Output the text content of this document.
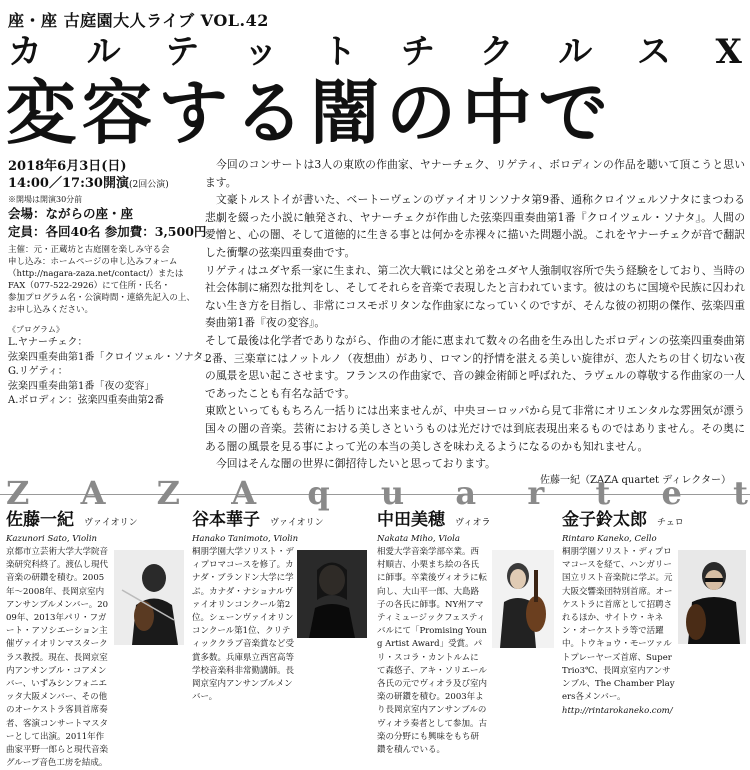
座・座 古庭園大人ライブ VOL.42
カ ル テ ッ ト チ ク ル ス X
変容する闇の中で
2018年6月3日(日)
14:00／17:30開演(2回公演)
※開場は開演30分前
会場：ながらの座・座
定員：各回40名 参加費：3,500円
主催：元・正蔵坊と古庭園を楽しみ守る会
申し込み：ホームページの申し込みフォーム
（http://nagara-zaza.net/contact/）または
FAX（077-522-2926）にて住所・氏名・
参加プログラム名・公演時間・連絡先記入の上、
お申し込みください。
《プログラム》
L.ヤナーチェク：
弦楽四重奏曲第1番「クロイツェル・ソナタ」
G.リゲティ：
弦楽四重奏曲第1番「夜の変容」
A.ボロディン：弦楽四重奏曲第2番

今回のコンサートは3人の東欧の作曲家、ヤナーチェク、リゲティ、ボロディンの作品を聴いて頂こうと思います。

文豪トルストイが書いた、ベートーヴェンのヴァイオリンソナタ第9番、通称クロイツェルソナタにまつわる悲劇を綴った小説に触発され、ヤナーチェクが作曲した弦楽四重奏曲第1番『クロイツェル・ソナタ』。人間の愛憎と、心の闇、そして道徳的に生きる事とは何かを赤裸々に描いた問題小説。これをヤナーチェクが音で翻訳した衝撃の弦楽四重奏曲です。

リゲティはユダヤ系一家に生まれ、第二次大戦には父と弟をユダヤ人強制収容所で失う経験をしており、当時の社会体制に痛烈な批判をし、そしてそれらを音楽で表現したと言われています。彼はのちに国境や民族に囚われない生き方を目指し、非常にコスモポリタンな作曲家になっていくのですが、そんな彼の初期の傑作、弦楽四重奏曲第1番『夜の変容』。

そして最後は化学者でありながら、作曲の才能に恵まれて数々の名曲を生み出したボロディンの弦楽四重奏曲第2番、三楽章にはノットルノ（夜想曲）があり、ロマン的抒情を湛える美しい旋律が、恋人たちの甘く切ない夜の風景を思い起こさせます。フランスの作曲家で、音の錬金術師と呼ばれた、ラヴェルの尊敬する作曲家の一人であったことも有名な話です。

東欧といってももちろん一括りには出来ませんが、中央ヨーロッパから見て非常にオリエンタルな雰囲気が漂う国々の闇の音楽。芸術における美しさというものは光だけでは到底表現出来るものではありません。その奥にある闇の風景を見る事によって光の本当の美しさを味わえるようになるのかも知れません。

今回はそんな闇の世界に御招待したいと思っております。

佐藤一紀（ZAZA quartet ディレクター）
Z A Z A q u a r t e t
佐藤一紀 ヴァイオリン
Kazunori Sato, Violin
京都市立芸術大学大学院音楽研究科終了。渡仏し現代音楽の研鑽を積む。2005年〜2008年、長岡京室内アンサンブルメンバー。2009年、2013年パリ・フガート・アソシエーション主催ヴァイオリンマスタークラス教授。現在、長岡京室内アンサンブル・コアメンバー、いずみシンフォニエッタ大阪メンバー、その他のオーケストラ客員首席奏者、客演コンサートマスターとして出演。2011年作曲家平野一郎らと現代音楽グループ音色工房を結成。
谷本華子 ヴァイオリン
Hanako Tanimoto, Violin
桐朋学園大学ソリスト・ディプロマコースを修了。カナダ・ブランドン大学に学ぶ。カナダ・ナショナルヴァイオリンコンクール第2位。シェーンヴァイオリンコンクール第1位、クリティッククラブ音楽賞など受賞多数。兵庫県立西宮高等学校音楽科非常勤講師。長岡京室内アンサンブルメンバー。
中田美穂 ヴィオラ
Nakata Miho, Viola
相愛大学音楽学部卒業。西村順吉、小栗まち絵の各氏に師事。卒業後ヴィオラに転向し、大山平一郎、大島路子の各氏に師事。NY州アマティミュージックフェスティバルにて「Promising Young Artist Award」受賞。パリ・スコラ・カントルムにて森悠子、アキ・ソリエール各氏の元でヴィオラ及び室内楽の研鑽を積む。2003年より長岡京室内アンサンブルのヴィオラ奏者として参加。古楽の分野にも興味をもち研鑽を積んでいる。
金子鈴太郎 チェロ
Rintaro Kaneko, Cello
桐朋学園ソリスト・ディプロマコースを経て、ハンガリー国立リスト音楽院に学ぶ。元大阪交響楽団特別首席。オーケストラに首席として招聘されるほか、サイトウ・キネン・オーケストラ等で活躍中。トウキョウ・モーツァルトプレーヤーズ首席、Super Trio3℃、長岡京室内アンサンブル、The Chamber Players各メンバー。
http://rintarokaneko.com/
